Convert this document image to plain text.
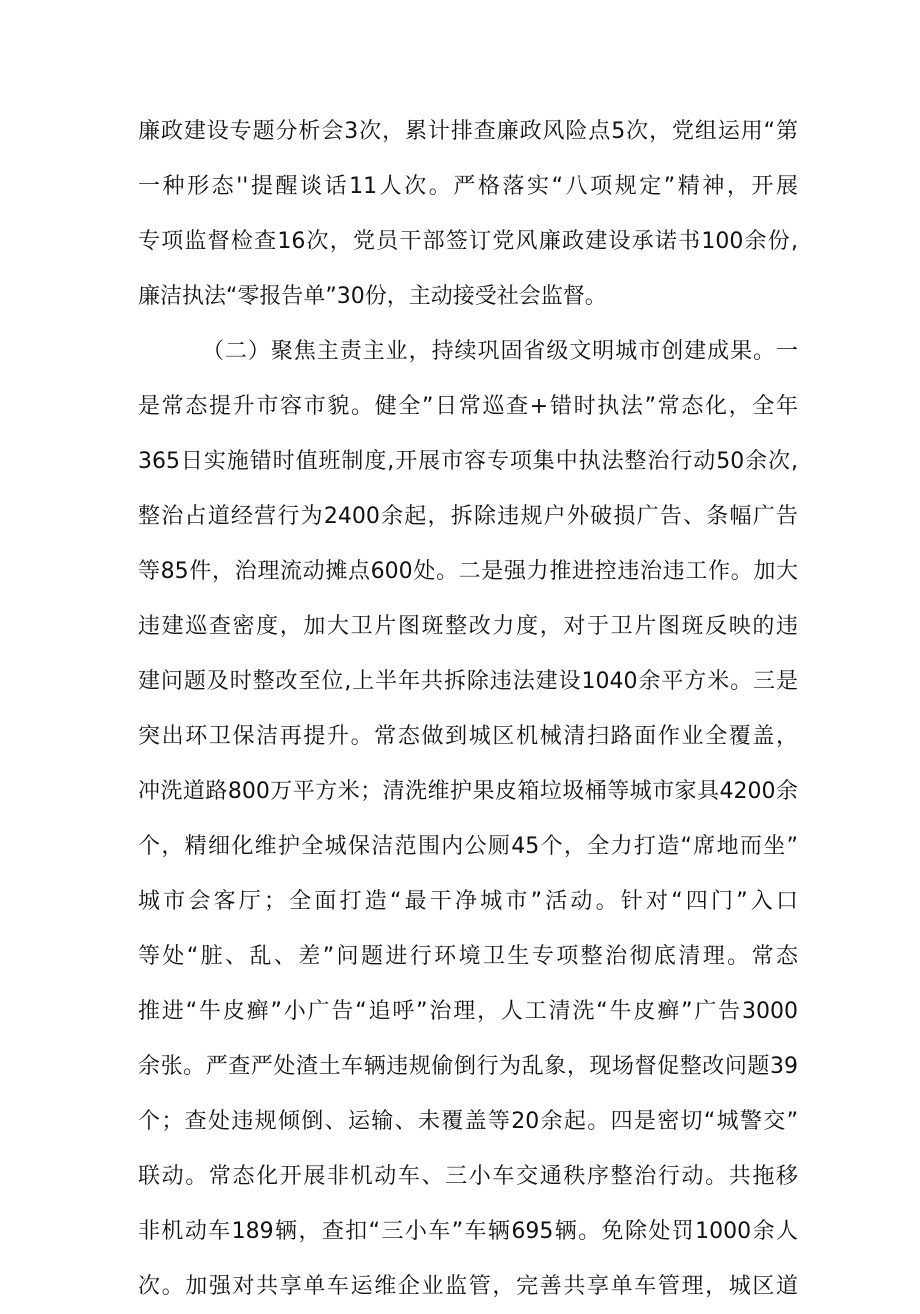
廉政建设专题分析会3次，累计排查廉政风险点5次，党组运用“第
一种形态''提醒谈话11人次。严格落实“八项规定”精神，开展
专项监督检查16次，党员干部签订党风廉政建设承诺书100余份,
廉洁执法“零报告单”30份，主动接受社会监督。
（二）聚焦主责主业，持续巩固省级文明城市创建成果。一
是常态提升市容市貌。健全”日常巡查+错时执法”常态化，全年
365日实施错时值班制度,开展市容专项集中执法整治行动50余次,
整治占道经营行为2400余起，拆除违规户外破损广告、条幅广告
等85件，治理流动摊点600处。二是强力推进控违治违工作。加大
违建巡查密度，加大卫片图斑整改力度，对于卫片图斑反映的违
建问题及时整改至位,上半年共拆除违法建设1040余平方米。三是
突出环卫保洁再提升。常态做到城区机械清扫路面作业全覆盖，
冲洗道路800万平方米；清洗维护果皮箱垃圾桶等城市家具4200余
个，精细化维护全城保洁范围内公厕45个，全力打造“席地而坐”
城市会客厅；全面打造“最干净城市”活动。针对“四门”入口
等处“脏、乱、差”问题进行环境卫生专项整治彻底清理。常态
推进“牛皮癣”小广告“追呼”治理，人工清洗“牛皮癣”广告3000
余张。严查严处渣土车辆违规偷倒行为乱象，现场督促整改问题39
个；查处违规倾倒、运输、未覆盖等20余起。四是密切“城警交”
联动。常态化开展非机动车、三小车交通秩序整治行动。共拖移
非机动车189辆，查扣“三小车”车辆695辆。免除处罚1000余人
次。加强对共享单车运维企业监管，完善共享单车管理，城区道
